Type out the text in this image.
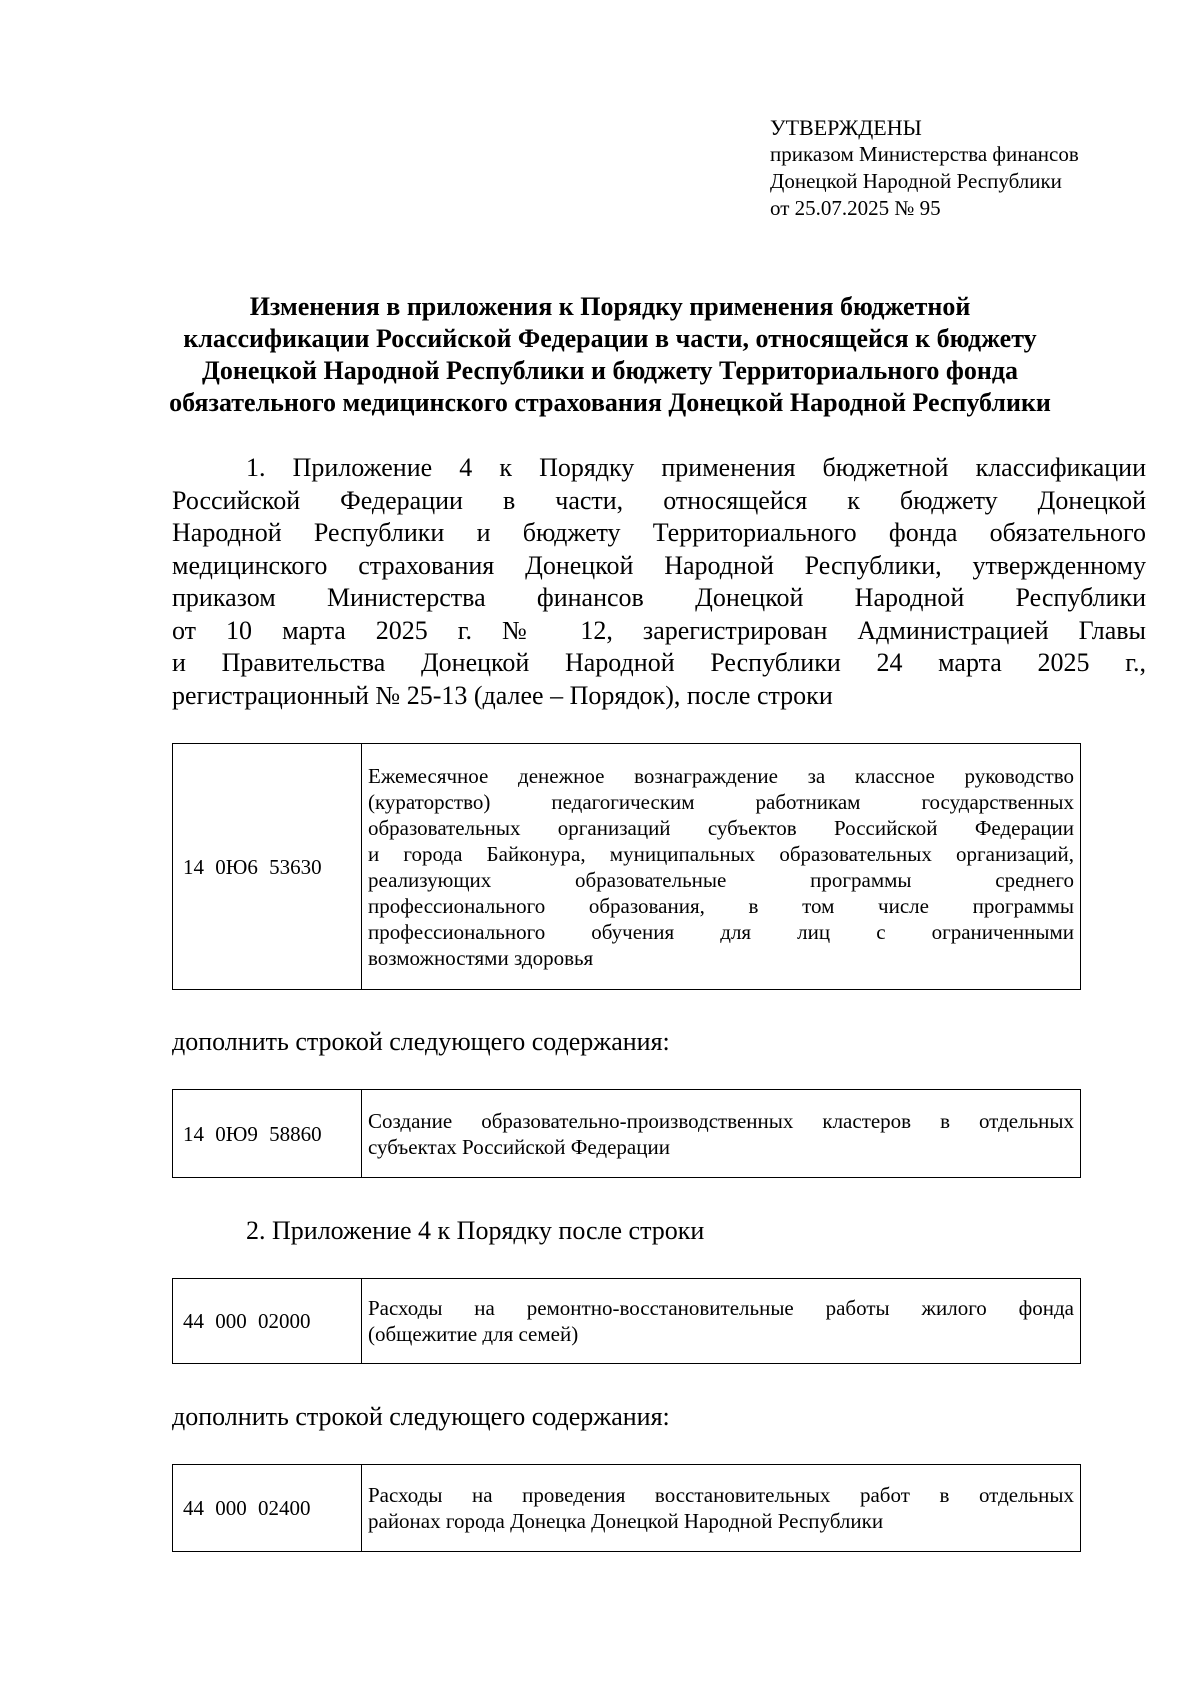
УТВЕРЖДЕНЫ
приказом Министерства финансов
Донецкой Народной Республики
от 25.07.2025 № 95
Изменения в приложения к Порядку применения бюджетной
классификации Российской Федерации в части, относящейся к бюджету
Донецкой Народной Республики и бюджету Территориального фонда
обязательного медицинского страхования Донецкой Народной Республики
1. Приложение 4 к Порядку применения бюджетной классификации
Российской Федерации в части, относящейся к бюджету Донецкой
Народной Республики и бюджету Территориального фонда обязательного
медицинского страхования Донецкой Народной Республики, утвержденному
приказом Министерства финансов Донецкой Народной Республики
от 10 марта 2025 г. № 12, зарегистрирован Администрацией Главы
и Правительства Донецкой Народной Республики 24 марта 2025 г.,
регистрационный № 25-13 (далее – Порядок), после строки
14 0Ю6 53630	
Ежемесячное денежное вознаграждение за классное руководство
(кураторство) педагогическим работникам государственных
образовательных организаций субъектов Российской Федерации
и города Байконура, муниципальных образовательных организаций,
реализующих образовательные программы среднего
профессионального образования, в том числе программы
профессионального обучения для лиц с ограниченными
возможностями здоровья
дополнить строкой следующего содержания:
14 0Ю9 58860	
Создание образовательно-производственных кластеров в отдельных
субъектах Российской Федерации
2. Приложение 4 к Порядку после строки
44 000 02000	
Расходы на ремонтно-восстановительные работы жилого фонда
(общежитие для семей)
дополнить строкой следующего содержания:
44 000 02400	
Расходы на проведения восстановительных работ в отдельных
районах города Донецка Донецкой Народной Республики
